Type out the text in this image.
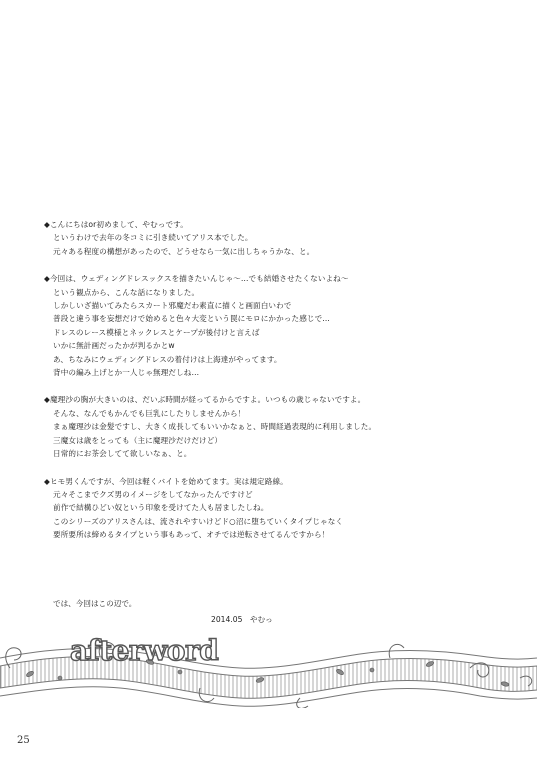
◆こんにちはor初めまして、やむっです。
というわけで去年の冬コミに引き続いてアリス本でした。
元々ある程度の構想があったので、どうせなら一気に出しちゃうかな、と。
◆今回は、ウェディングドレスックスを描きたいんじゃ～…でも結婚させたくないよね～
という観点から、こんな話になりました。
しかしいざ描いてみたらスカート邪魔だわ素直に描くと画面白いわで
普段と違う事を妄想だけで始めると色々大変という罠にモロにかかった感じで…
ドレスのレース模様とネックレスとケープが後付けと言えば
いかに無計画だったかが判るかとw
あ、ちなみにウェディングドレスの着付けは上海達がやってます。
背中の編み上げとか一人じゃ無理だしね…
◆魔理沙の胸が大きいのは、だいぶ時間が経ってるからですよ。いつもの歳じゃないですよ。
そんな、なんでもかんでも巨乳にしたりしませんから！
まぁ魔理沙は金髪ですし、大きく成長してもいいかなぁと、時間経過表現的に利用しました。
三魔女は歳をとっても（主に魔理沙だけだけど）
日常的にお茶会してて欲しいなぁ、と。
◆ヒモ男くんですが、今回は軽くバイトを始めてます。実は規定路線。
元々そこまでクズ男のイメージをしてなかったんですけど
前作で結構ひどい奴という印象を受けてた人も居ましたしね。
このシリーズのアリスさんは、流されやすいけどド○沼に堕ちていくタイプじゃなく
要所要所は締めるタイプという事もあって、オチでは逆転させてるんですから！
では、今回はこの辺で。
2014.05　やむっ
afterword
25
